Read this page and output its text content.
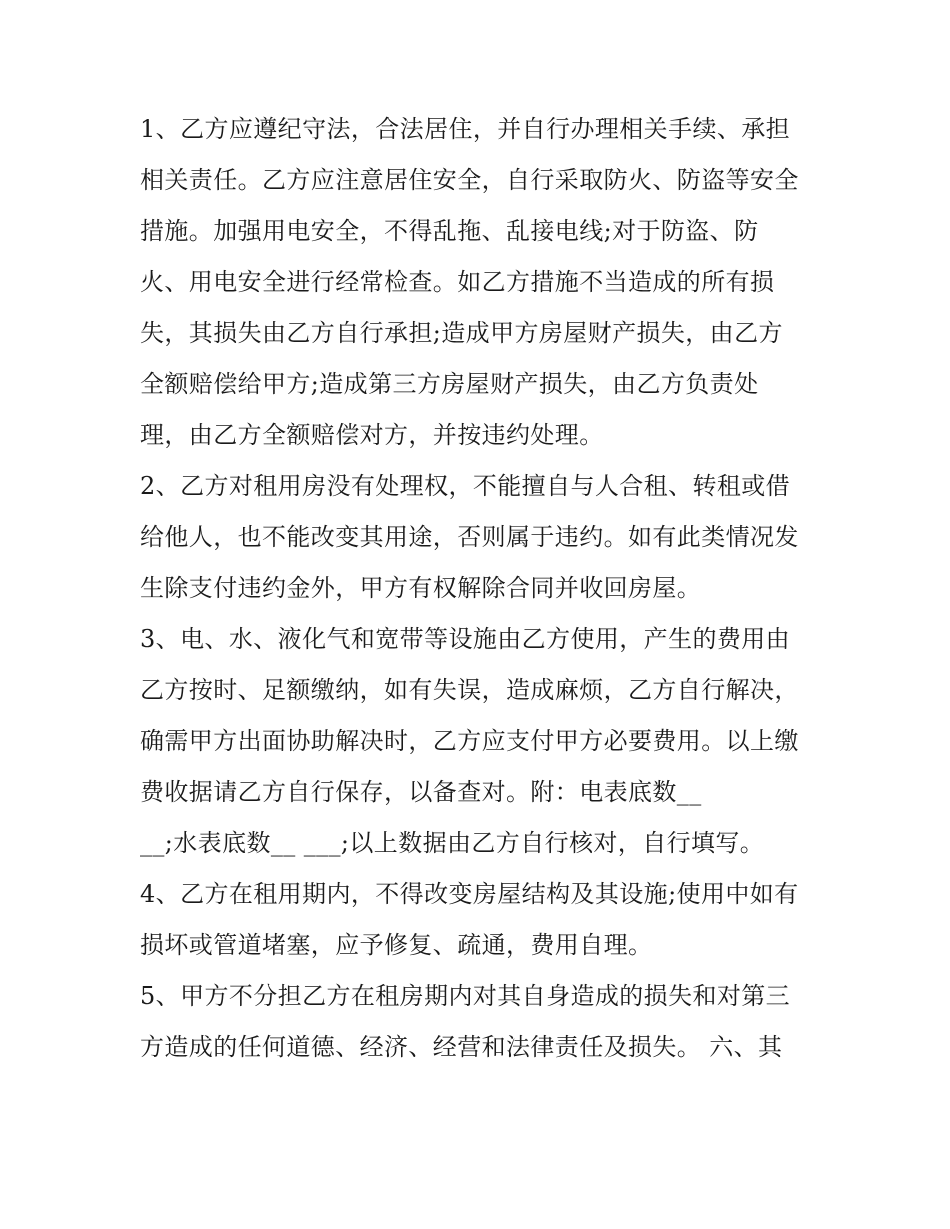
1、乙方应遵纪守法，合法居住，并自行办理相关手续、承担
相关责任。乙方应注意居住安全，自行采取防火、防盗等安全
措施。加强用电安全，不得乱拖、乱接电线;对于防盗、防
火、用电安全进行经常检查。如乙方措施不当造成的所有损
失，其损失由乙方自行承担;造成甲方房屋财产损失，由乙方
全额赔偿给甲方;造成第三方房屋财产损失，由乙方负责处
理，由乙方全额赔偿对方，并按违约处理。
2、乙方对租用房没有处理权，不能擅自与人合租、转租或借
给他人，也不能改变其用途，否则属于违约。如有此类情况发
生除支付违约金外，甲方有权解除合同并收回房屋。
3、电、水、液化气和宽带等设施由乙方使用，产生的费用由
乙方按时、足额缴纳，如有失误，造成麻烦，乙方自行解决，
确需甲方出面协助解决时，乙方应支付甲方必要费用。以上缴
费收据请乙方自行保存，以备查对。附：电表底数__
__;水表底数__ ___;以上数据由乙方自行核对，自行填写。
4、乙方在租用期内，不得改变房屋结构及其设施;使用中如有
损坏或管道堵塞，应予修复、疏通，费用自理。
5、甲方不分担乙方在租房期内对其自身造成的损失和对第三
方造成的任何道德、经济、经营和法律责任及损失。 六、其
